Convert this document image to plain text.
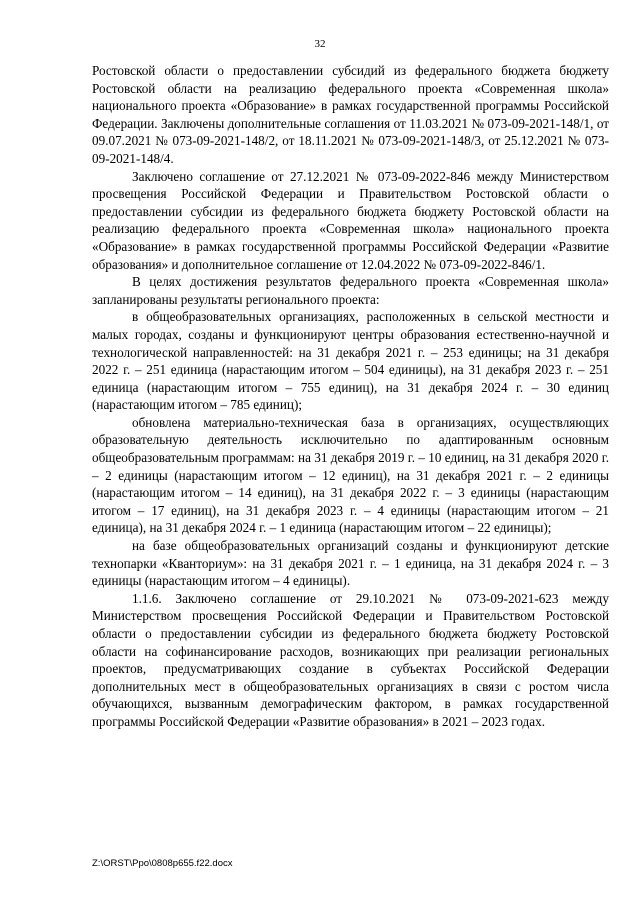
32

Ростовской области о предоставлении субсидий из федерального бюджета бюджету Ростовской области на реализацию федерального проекта «Современная школа» национального проекта «Образование» в рамках государственной программы Российской Федерации. Заключены дополнительные соглашения от 11.03.2021 № 073-09-2021-148/1, от 09.07.2021 № 073-09-2021-148/2, от 18.11.2021 № 073-09-2021-148/3, от 25.12.2021 № 073-09-2021-148/4.

Заключено соглашение от 27.12.2021 № 073-09-2022-846 между Министерством просвещения Российской Федерации и Правительством Ростовской области о предоставлении субсидии из федерального бюджета бюджету Ростовской области на реализацию федерального проекта «Современная школа» национального проекта «Образование» в рамках государственной программы Российской Федерации «Развитие образования» и дополнительное соглашение от 12.04.2022 № 073-09-2022-846/1.

В целях достижения результатов федерального проекта «Современная школа» запланированы результаты регионального проекта:

в общеобразовательных организациях, расположенных в сельской местности и малых городах, созданы и функционируют центры образования естественно-научной и технологической направленностей: на 31 декабря 2021 г. – 253 единицы; на 31 декабря 2022 г. – 251 единица (нарастающим итогом – 504 единицы), на 31 декабря 2023 г. – 251 единица (нарастающим итогом – 755 единиц), на 31 декабря 2024 г. – 30 единиц (нарастающим итогом – 785 единиц);

обновлена материально-техническая база в организациях, осуществляющих образовательную деятельность исключительно по адаптированным основным общеобразовательным программам: на 31 декабря 2019 г. – 10 единиц, на 31 декабря 2020 г. – 2 единицы (нарастающим итогом – 12 единиц), на 31 декабря 2021 г. – 2 единицы (нарастающим итогом – 14 единиц), на 31 декабря 2022 г. – 3 единицы (нарастающим итогом – 17 единиц), на 31 декабря 2023 г. – 4 единицы (нарастающим итогом – 21 единица), на 31 декабря 2024 г. – 1 единица (нарастающим итогом – 22 единицы);

на базе общеобразовательных организаций созданы и функционируют детские технопарки «Кванториум»: на 31 декабря 2021 г. – 1 единица, на 31 декабря 2024 г. – 3 единицы (нарастающим итогом – 4 единицы).

1.1.6. Заключено соглашение от 29.10.2021 № 073-09-2021-623 между Министерством просвещения Российской Федерации и Правительством Ростовской области о предоставлении субсидии из федерального бюджета бюджету Ростовской области на софинансирование расходов, возникающих при реализации региональных проектов, предусматривающих создание в субъектах Российской Федерации дополнительных мест в общеобразовательных организациях в связи с ростом числа обучающихся, вызванным демографическим фактором, в рамках государственной программы Российской Федерации «Развитие образования» в 2021 – 2023 годах.

Z:\ORST\Ppo\0808p655.f22.docx
